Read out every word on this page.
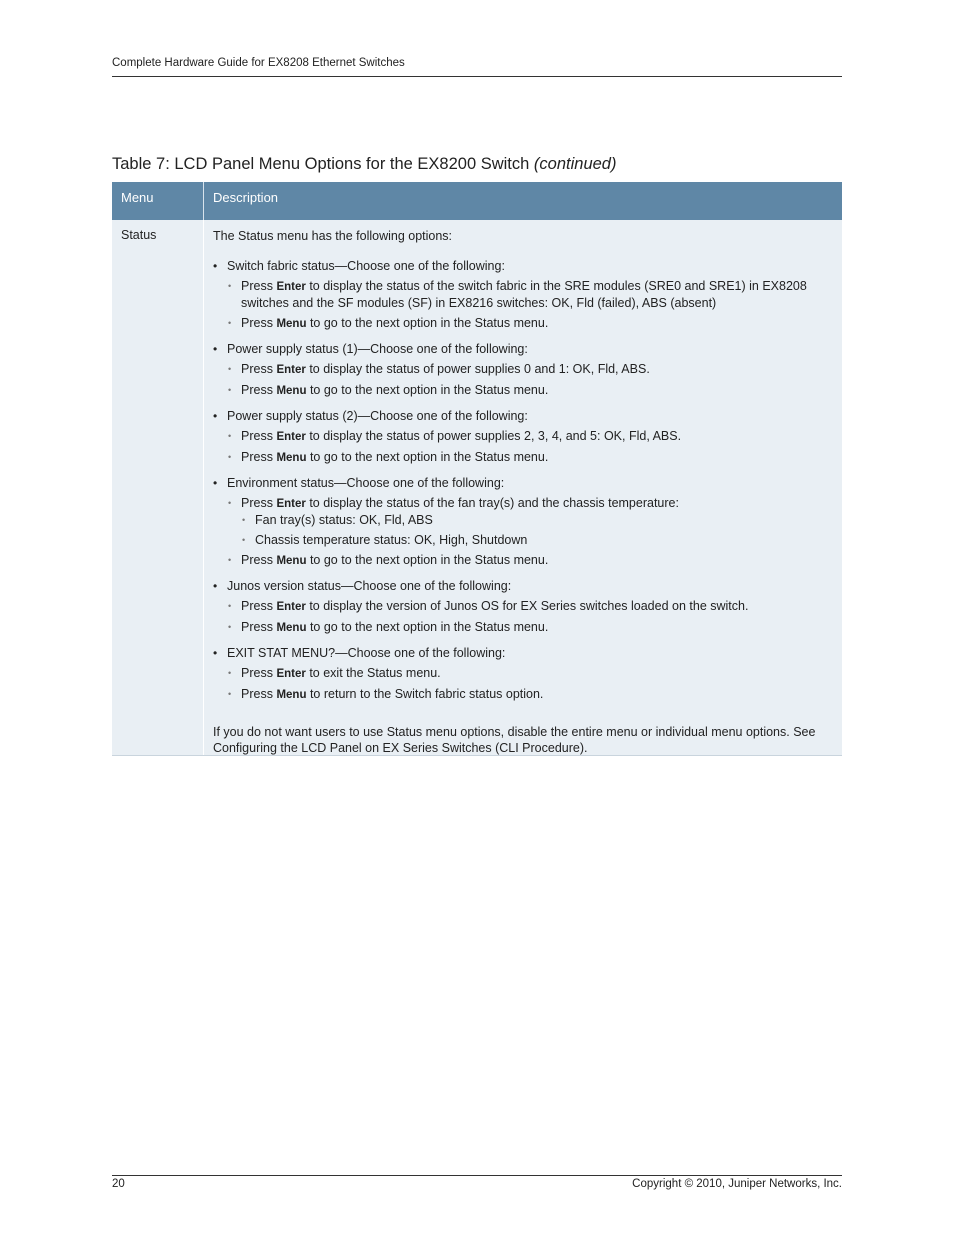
Complete Hardware Guide for EX8208 Ethernet Switches
Table 7: LCD Panel Menu Options for the EX8200 Switch (continued)
Menu	Description
Status	The Status menu has the following options:

• Switch fabric status—Choose one of the following:
• Press Enter to display the status of the switch fabric in the SRE modules (SRE0 and SRE1) in EX8208 switches and the SF modules (SF) in EX8216 switches: OK, Fld (failed), ABS (absent)
• Press Menu to go to the next option in the Status menu.
• Power supply status (1)—Choose one of the following:
• Press Enter to display the status of power supplies 0 and 1: OK, Fld, ABS.
• Press Menu to go to the next option in the Status menu.
• Power supply status (2)—Choose one of the following:
• Press Enter to display the status of power supplies 2, 3, 4, and 5: OK, Fld, ABS.
• Press Menu to go to the next option in the Status menu.
• Environment status—Choose one of the following:
• Press Enter to display the status of the fan tray(s) and the chassis temperature:
• Fan tray(s) status: OK, Fld, ABS
• Chassis temperature status: OK, High, Shutdown
• Press Menu to go to the next option in the Status menu.
• Junos version status—Choose one of the following:
• Press Enter to display the version of Junos OS for EX Series switches loaded on the switch.
• Press Menu to go to the next option in the Status menu.
• EXIT STAT MENU?—Choose one of the following:
• Press Enter to exit the Status menu.
• Press Menu to return to the Switch fabric status option.

If you do not want users to use Status menu options, disable the entire menu or individual menu options. See Configuring the LCD Panel on EX Series Switches (CLI Procedure).

20	Copyright © 2010, Juniper Networks, Inc.
